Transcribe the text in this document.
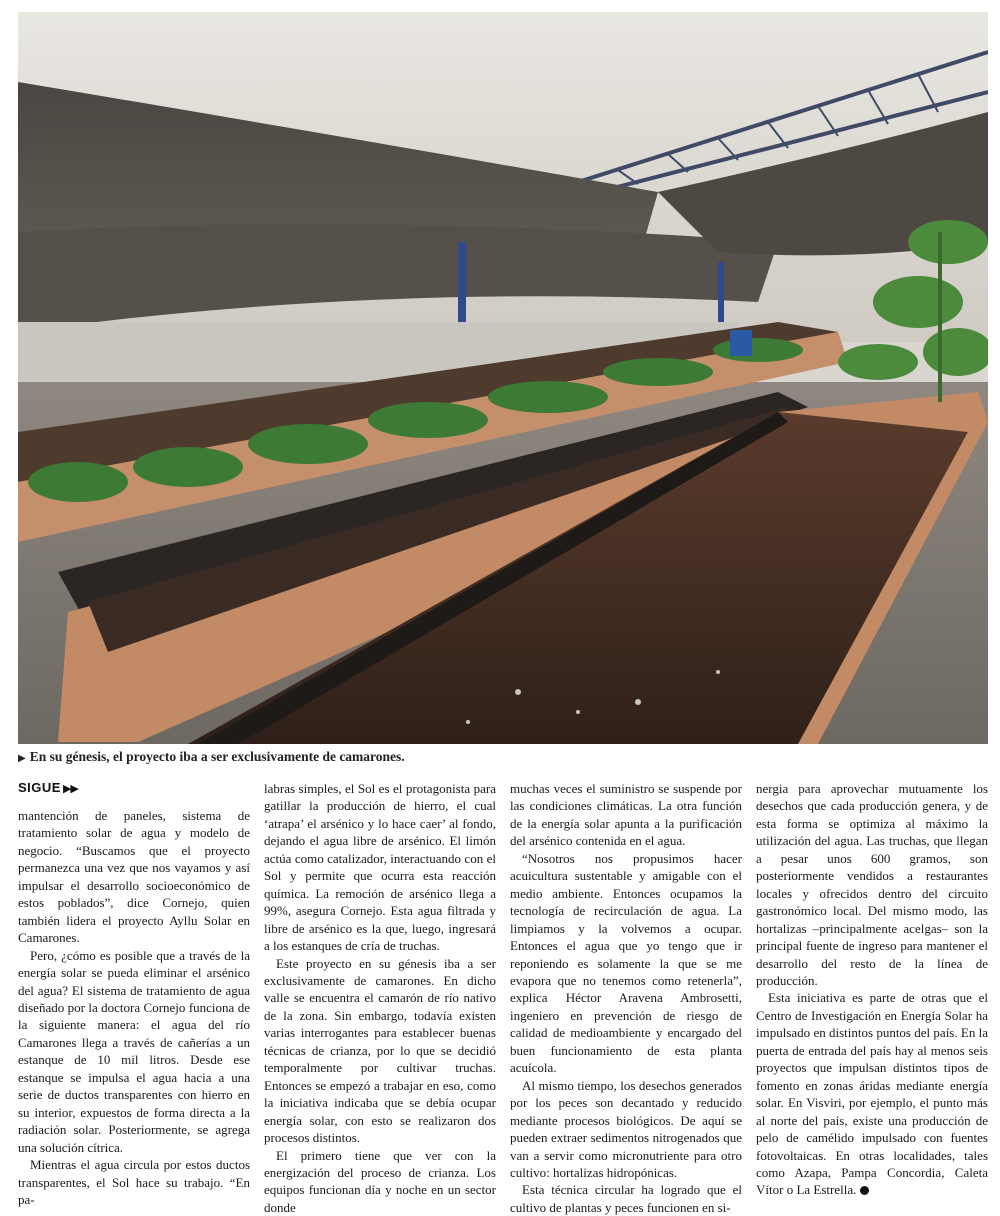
▶ En su génesis, el proyecto iba a ser exclusivamente de camarones.
SIGUE ▶▶

mantención de paneles, sistema de tratamiento solar de agua y modelo de negocio. “Buscamos que el proyecto permanezca una vez que nos vayamos y así impulsar el desarrollo socioeconómico de estos poblados”, dice Cornejo, quien también lidera el proyecto Ayllu Solar en Camarones.

Pero, ¿cómo es posible que a través de la energía solar se pueda eliminar el arsénico del agua? El sistema de tratamiento de agua diseñado por la doctora Cornejo funciona de la siguiente manera: el agua del río Camarones llega a través de cañerías a un estanque de 10 mil litros. Desde ese estanque se impulsa el agua hacia a una serie de ductos transparentes con hierro en su interior, expuestos de forma directa a la radiación solar. Posteriormente, se agrega una solución cítrica.

Mientras el agua circula por estos ductos transparentes, el Sol hace su trabajo. “En pa-

labras simples, el Sol es el protagonista para gatillar la producción de hierro, el cual ‘atrapa’ el arsénico y lo hace caer’ al fondo, dejando el agua libre de arsénico. El limón actúa como catalizador, interactuando con el Sol y permite que ocurra esta reacción química. La remoción de arsénico llega a 99%, asegura Cornejo. Esta agua filtrada y libre de arsénico es la que, luego, ingresará a los estanques de cría de truchas.

Este proyecto en su génesis iba a ser exclusivamente de camarones. En dicho valle se encuentra el camarón de río nativo de la zona. Sin embargo, todavía existen varias interrogantes para establecer buenas técnicas de crianza, por lo que se decidió temporalmente por cultivar truchas. Entonces se empezó a trabajar en eso, como la iniciativa indicaba que se debía ocupar energía solar, con esto se realizaron dos procesos distintos.

El primero tiene que ver con la energización del proceso de crianza. Los equipos funcionan día y noche en un sector donde

muchas veces el suministro se suspende por las condiciones climáticas. La otra función de la energía solar apunta a la purificación del arsénico contenida en el agua.

“Nosotros nos propusimos hacer acuicultura sustentable y amigable con el medio ambiente. Entonces ocupamos la tecnología de recirculación de agua. La limpiamos y la volvemos a ocupar. Entonces el agua que yo tengo que ir reponiendo es solamente la que se me evapora que no tenemos como retenerla”, explica Héctor Aravena Ambrosetti, ingeniero en prevención de riesgo de calidad de medioambiente y encargado del buen funcionamiento de esta planta acuícola.

Al mismo tiempo, los desechos generados por los peces son decantado y reducido mediante procesos biológicos. De aquí se pueden extraer sedimentos nitrogenados que van a servir como micronutriente para otro cultivo: hortalizas hidropónicas.

Esta técnica circular ha logrado que el cultivo de plantas y peces funcionen en si-

nergia para aprovechar mutuamente los desechos que cada producción genera, y de esta forma se optimiza al máximo la utilización del agua. Las truchas, que llegan a pesar unos 600 gramos, son posteriormente vendidos a restaurantes locales y ofrecidos dentro del circuito gastronómico local. Del mismo modo, las hortalizas –principalmente acelgas– son la principal fuente de ingreso para mantener el desarrollo del resto de la línea de producción.

Esta iniciativa es parte de otras que el Centro de Investigación en Energía Solar ha impulsado en distintos puntos del país. En la puerta de entrada del país hay al menos seis proyectos que impulsan distintos tipos de fomento en zonas áridas mediante energía solar. En Visviri, por ejemplo, el punto más al norte del país, existe una producción de pelo de camélido impulsado con fuentes fotovoltaicas. En otras localidades, tales como Azapa, Pampa Concordia, Caleta Vítor o La Estrella.
